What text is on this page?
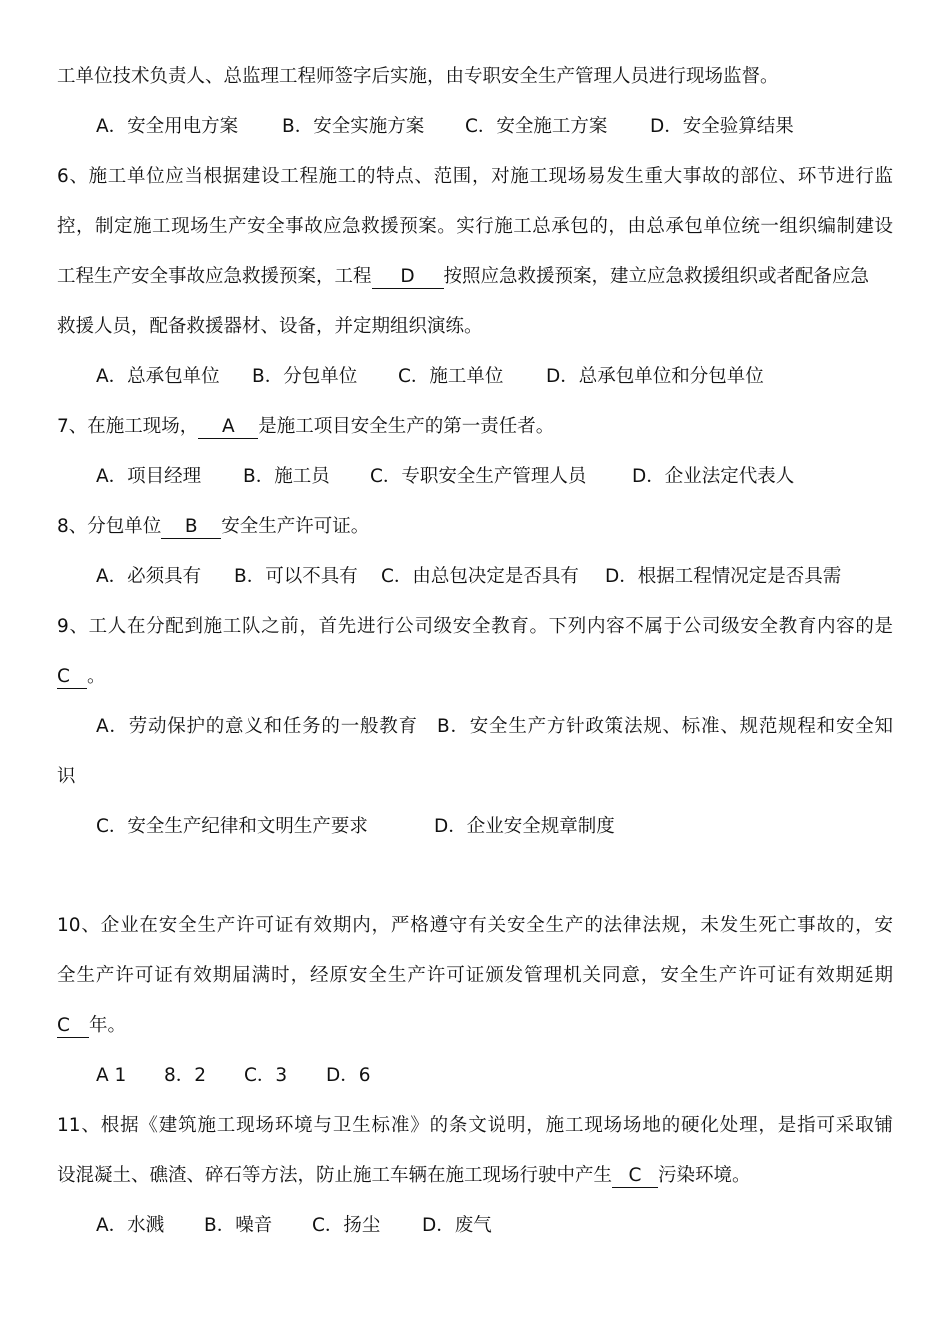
工单位技术负责人、总监理工程师签字后实施，由专职安全生产管理人员进行现场监督。
A．安全用电方案 B．安全实施方案 C．安全施工方案 D．安全验算结果
6、施工单位应当根据建设工程施工的特点、范围，对施工现场易发生重大事故的部位、环节进行监
控，制定施工现场生产安全事故应急救援预案。实行施工总承包的，由总承包单位统一组织编制建设
工程生产安全事故应急救援预案，工程 D 按照应急救援预案，建立应急救援组织或者配备应急
救援人员，配备救援器材、设备，并定期组织演练。
A．总承包单位 B．分包单位 C．施工单位 D．总承包单位和分包单位
7、在施工现场， A 是施工项目安全生产的第一责任者。
A．项目经理 B．施工员 C．专职安全生产管理人员 D．企业法定代表人
8、分包单位 B 安全生产许可证。
A．必须具有 B．可以不具有 C．由总包决定是否具有 D．根据工程情况定是否具需
9、工人在分配到施工队之前，首先进行公司级安全教育。下列内容不属于公司级安全教育内容的是
C 。
A．劳动保护的意义和任务的一般教育　B．安全生产方针政策法规、标准、规范规程和安全知
识
C．安全生产纪律和文明生产要求	D．企业安全规章制度
10、企业在安全生产许可证有效期内，严格遵守有关安全生产的法律法规，未发生死亡事故的，安
全生产许可证有效期届满时，经原安全生产许可证颁发管理机关同意，安全生产许可证有效期延期
C 年。
A 1 8．2 C．3 D．6
11、根据《建筑施工现场环境与卫生标准》的条文说明，施工现场场地的硬化处理，是指可采取铺
设混凝土、礁渣、碎石等方法，防止施工车辆在施工现场行驶中产生 C 污染环境。
A．水溅 B．噪音 C．扬尘 D．废气
